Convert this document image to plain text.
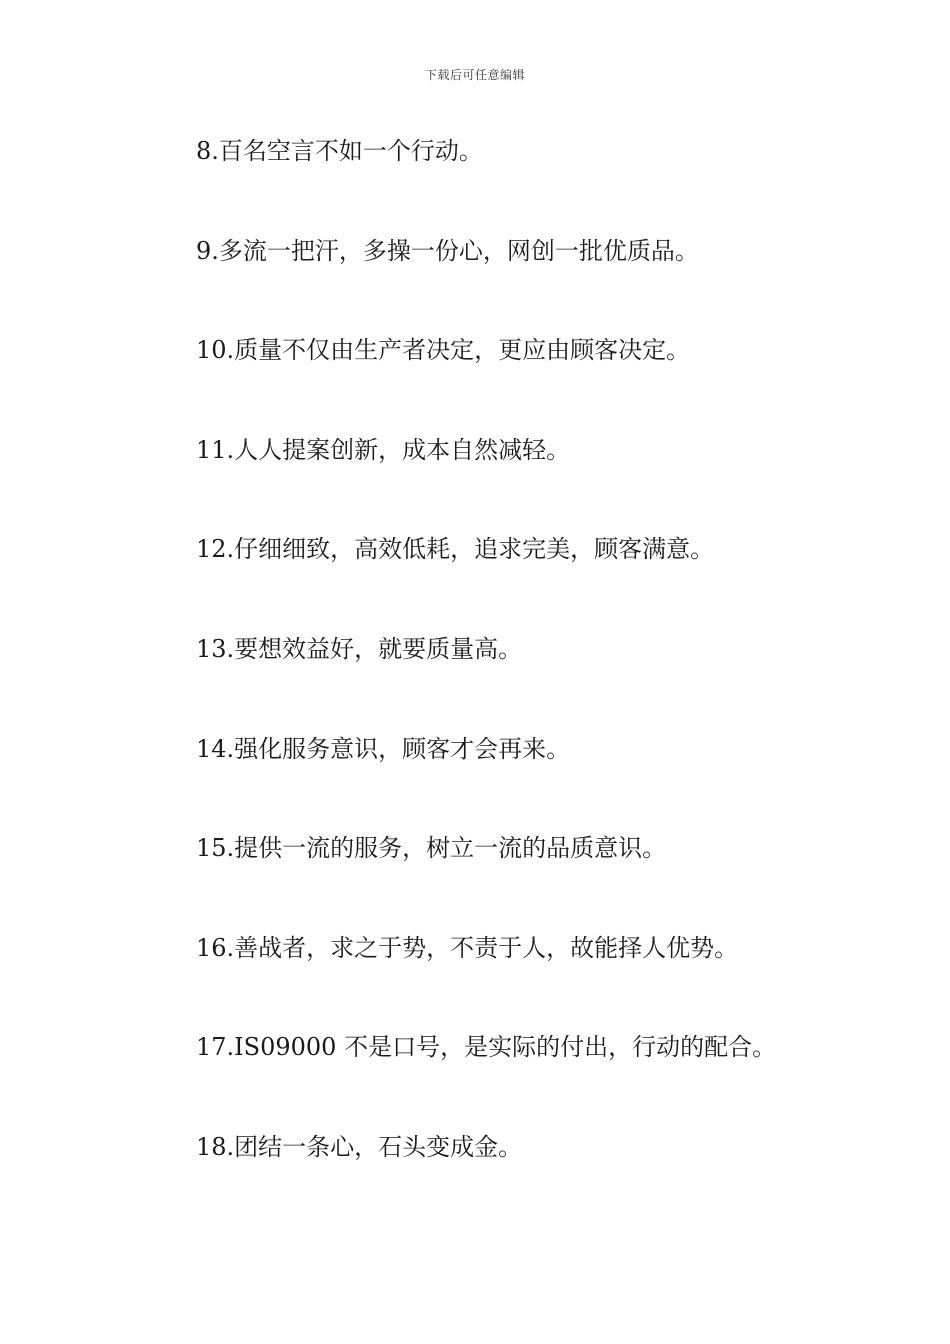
下载后可任意编辑
8. 百名空言不如一个行动。
9. 多流一把汗，多操一份心，网创一批优质品。
10. 质量不仅由生产者决定，更应由顾客决定。
11. 人人提案创新，成本自然减轻。
12. 仔细细致，高效低耗，追求完美，顾客满意。
13. 要想效益好，就要质量高。
14. 强化服务意识，顾客才会再来。
15. 提供一流的服务，树立一流的品质意识。
16. 善战者，求之于势，不责于人，故能择人优势。
17. IS09000 不是口号，是实际的付出，行动的配合。
18. 团结一条心，石头变成金。
